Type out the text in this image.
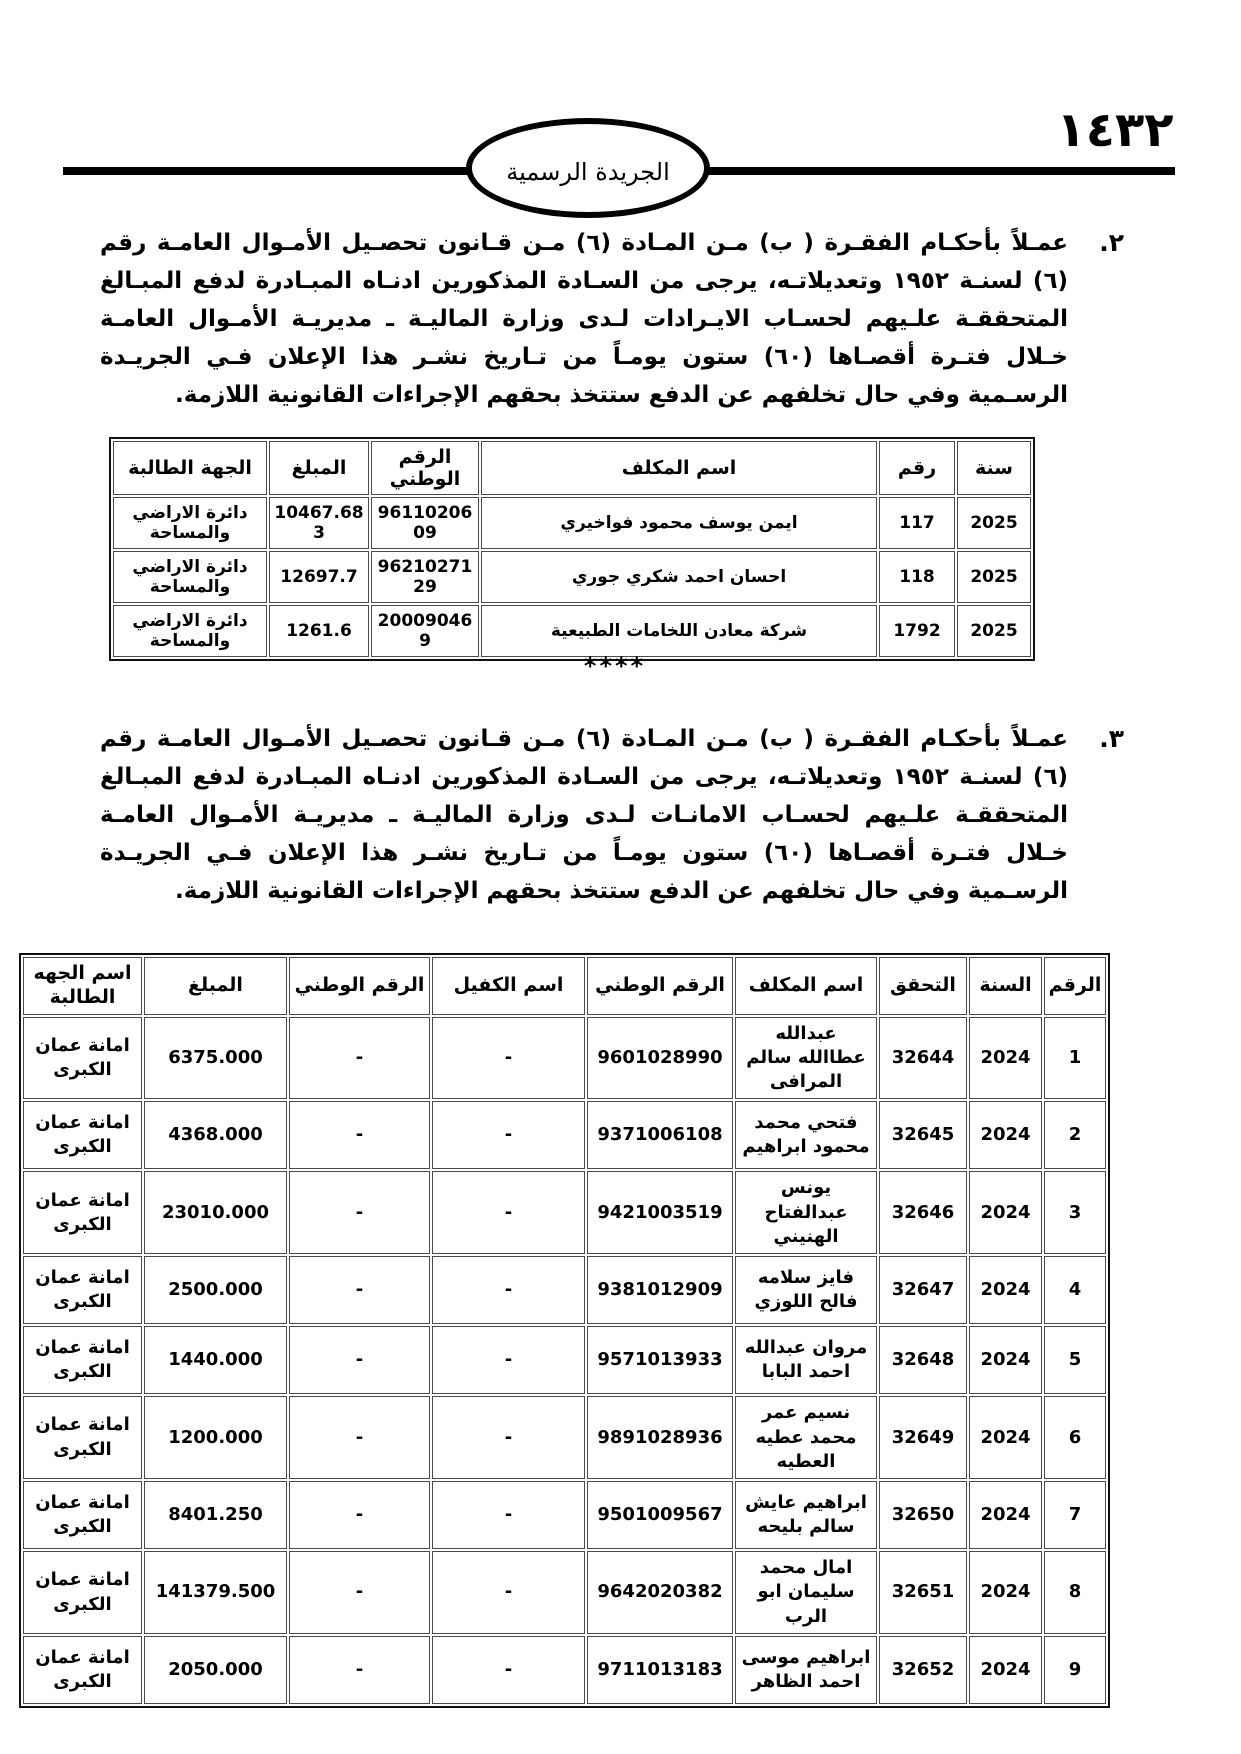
١٤٣٢
الجريدة الرسمية
٢.
عمـلاً بأحكـام الفقـرة ( ب) مـن المـادة (٦) مـن قـانون تحصـيل الأمـوال العامـة رقم (٦) لسنـة ١٩٥٢ وتعديلاتـه، يرجى من السـادة المذكورين ادنـاه المبـادرة لدفع المبـالغ المتحققـة علـيهم لحسـاب الايـرادات لـدى وزارة الماليـة ـ مديريـة الأمـوال العامـة خـلال فتـرة أقصـاها (٦٠) ستون يومـاً من تـاريخ نشـر هذا الإعلان فـي الجريـدة الرسـمية وفي حال تخلفهم عن الدفع ستتخذ بحقهم الإجراءات القانونية اللازمة.
سنة	رقم	اسم المكلف	الرقم الوطني	المبلغ	الجهة الطالبة
2025	117	ايمن يوسف محمود فواخيري	9611020609	10467.683	دائرة الاراضي والمساحة
2025	118	احسان احمد شكري جوري	9621027129	12697.7	دائرة الاراضي والمساحة
2025	1792	شركة معادن اللخامات الطبيعية	200090469	1261.6	دائرة الاراضي والمساحة
****
٣.
عمـلاً بأحكـام الفقـرة ( ب) مـن المـادة (٦) مـن قـانون تحصـيل الأمـوال العامـة رقم (٦) لسنـة ١٩٥٢ وتعديلاتـه، يرجى من السـادة المذكورين ادنـاه المبـادرة لدفع المبـالغ المتحققـة علـيهم لحسـاب الامانـات لـدى وزارة الماليـة ـ مديريـة الأمـوال العامـة خـلال فتـرة أقصـاها (٦٠) ستون يومـاً من تـاريخ نشـر هذا الإعلان فـي الجريـدة الرسـمية وفي حال تخلفهم عن الدفع ستتخذ بحقهم الإجراءات القانونية اللازمة.
الرقم	السنة	التحقق	اسم المكلف	الرقم الوطني	اسم الكفيل	الرقم الوطني	المبلغ	اسم الجهه الطالبة
1	2024	32644	عبدالله عطاالله سالم المرافى	9601028990	-	-	6375.000	امانة عمان الكبرى
2	2024	32645	فتحي محمد محمود ابراهيم	9371006108	-	-	4368.000	امانة عمان الكبرى
3	2024	32646	يونس عبدالفتاح الهنيني	9421003519	-	-	23010.000	امانة عمان الكبرى
4	2024	32647	فايز سلامه فالح اللوزي	9381012909	-	-	2500.000	امانة عمان الكبرى
5	2024	32648	مروان عبدالله احمد البابا	9571013933	-	-	1440.000	امانة عمان الكبرى
6	2024	32649	نسيم عمر محمد عطيه العطيه	9891028936	-	-	1200.000	امانة عمان الكبرى
7	2024	32650	ابراهيم عايش سالم بليحه	9501009567	-	-	8401.250	امانة عمان الكبرى
8	2024	32651	امال محمد سليمان ابو الرب	9642020382	-	-	141379.500	امانة عمان الكبرى
9	2024	32652	ابراهيم موسى احمد الظاهر	9711013183	-	-	2050.000	امانة عمان الكبرى
